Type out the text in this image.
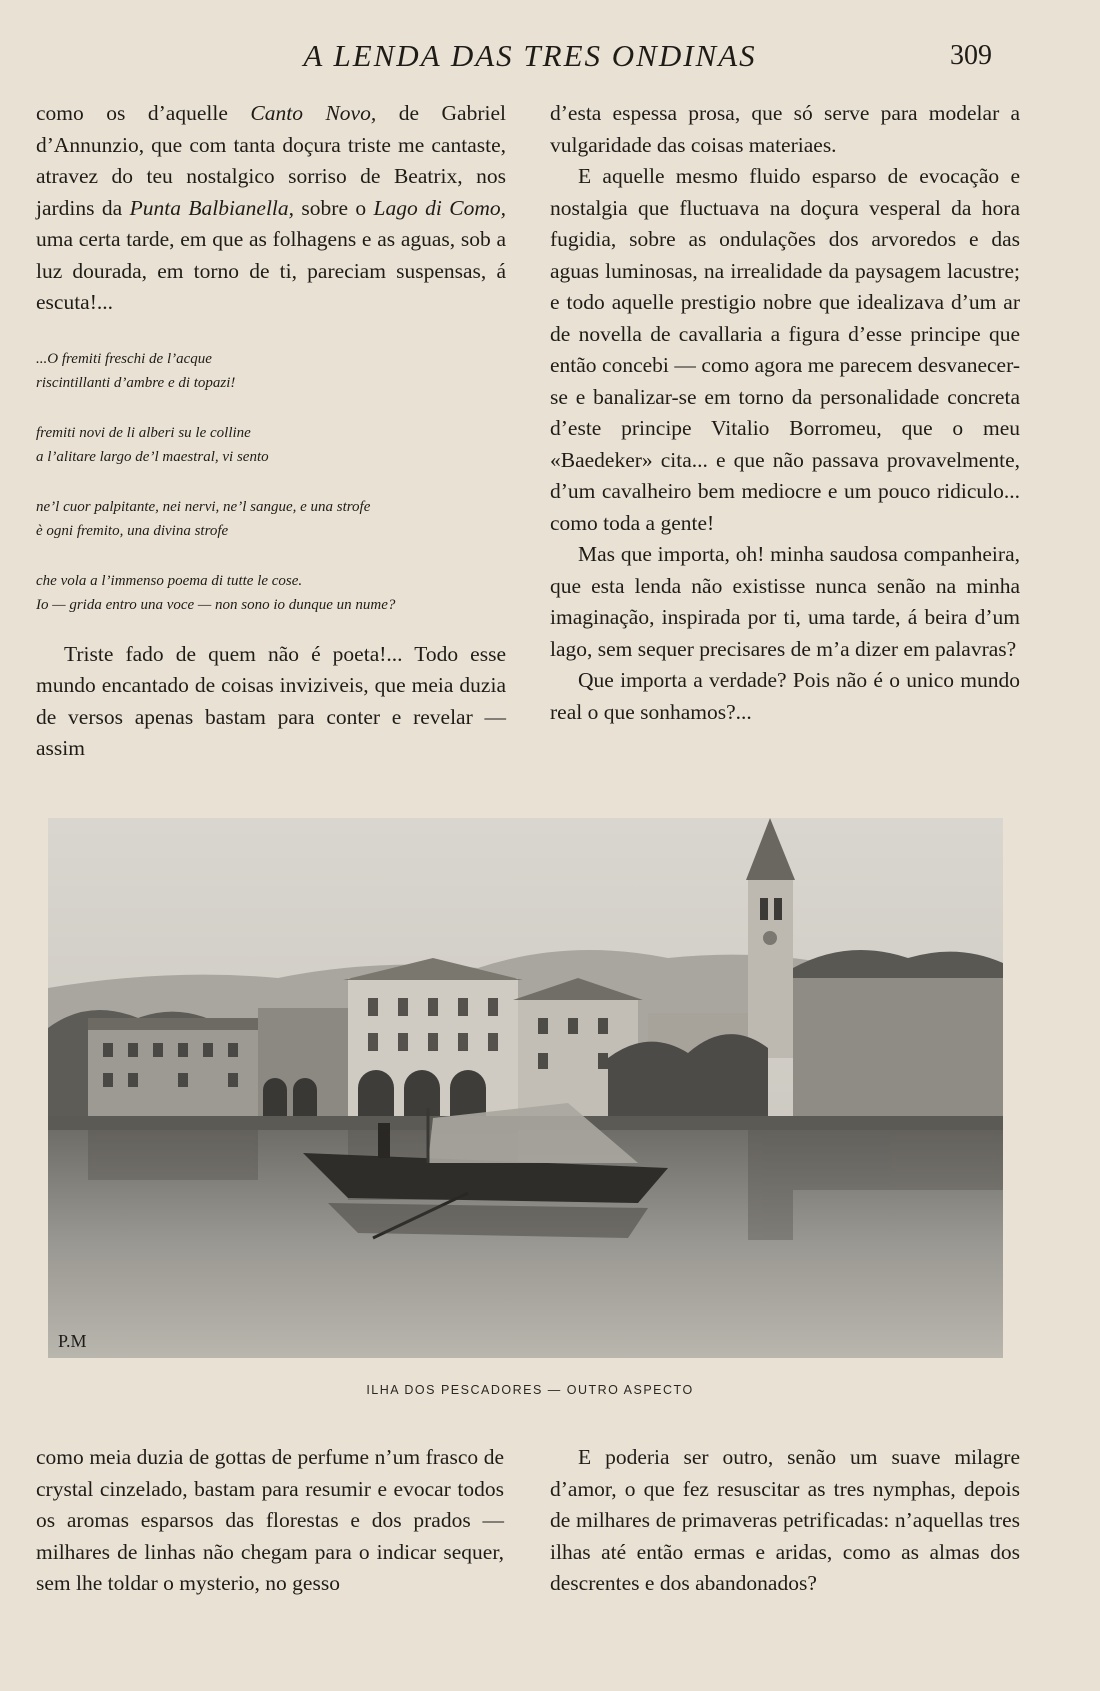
A LENDA DAS TRES ONDINAS	309

como os d’aquelle Canto Novo, de Gabriel d’Annunzio, que com tanta doçura triste me cantaste, atravez do teu nostalgico sorriso de Beatrix, nos jardins da Punta Balbianella, sobre o Lago di Como, uma certa tarde, em que as folhagens e as aguas, sob a luz dourada, em torno de ti, pareciam suspensas, á escuta!...

...O fremiti freschi de l’acque
riscintillanti d’ambre e di topazi!
fremiti novi de li alberi su le colline
a l’alitare largo de’l maestral, vi sento
ne’l cuor palpitante, nei nervi, ne’l sangue, e una strofe
è ogni fremito, una divina strofe
che vola a l’immenso poema di tutte le cose.
Io — grida entro una voce — non sono io dunque un nume?

Triste fado de quem não é poeta!... Todo esse mundo encantado de coisas inviziveis, que meia duzia de versos apenas bastam para conter e revelar — assim

d’esta espessa prosa, que só serve para modelar a vulgaridade das coisas materiaes.

E aquelle mesmo fluido esparso de evocação e nostalgia que fluctuava na doçura vesperal da hora fugidia, sobre as ondulações dos arvoredos e das aguas luminosas, na irrealidade da paysagem lacustre; e todo aquelle prestigio nobre que idealizava d’um ar de novella de cavallaria a figura d’esse principe que então concebi — como agora me parecem desvanecer-se e banalizar-se em torno da personalidade concreta d’este principe Vitalio Borromeu, que o meu «Baedeker» cita... e que não passava provavelmente, d’um cavalheiro bem mediocre e um pouco ridiculo... como toda a gente!

Mas que importa, oh! minha saudosa companheira, que esta lenda não existisse nunca senão na minha imaginação, inspirada por ti, uma tarde, á beira d’um lago, sem sequer precisares de m’a dizer em palavras?

Que importa a verdade? Pois não é o unico mundo real o que sonhamos?...

P.M
ILHA DOS PESCADORES — OUTRO ASPECTO

como meia duzia de gottas de perfume n’um frasco de crystal cinzelado, bastam para resumir e evocar todos os aromas esparsos das florestas e dos prados — milhares de linhas não chegam para o indicar sequer, sem lhe toldar o mysterio, no gesso

E poderia ser outro, senão um suave milagre d’amor, o que fez resuscitar as tres nymphas, depois de milhares de primaveras petrificadas: n’aquellas tres ilhas até então ermas e aridas, como as almas dos descrentes e dos abandonados?
